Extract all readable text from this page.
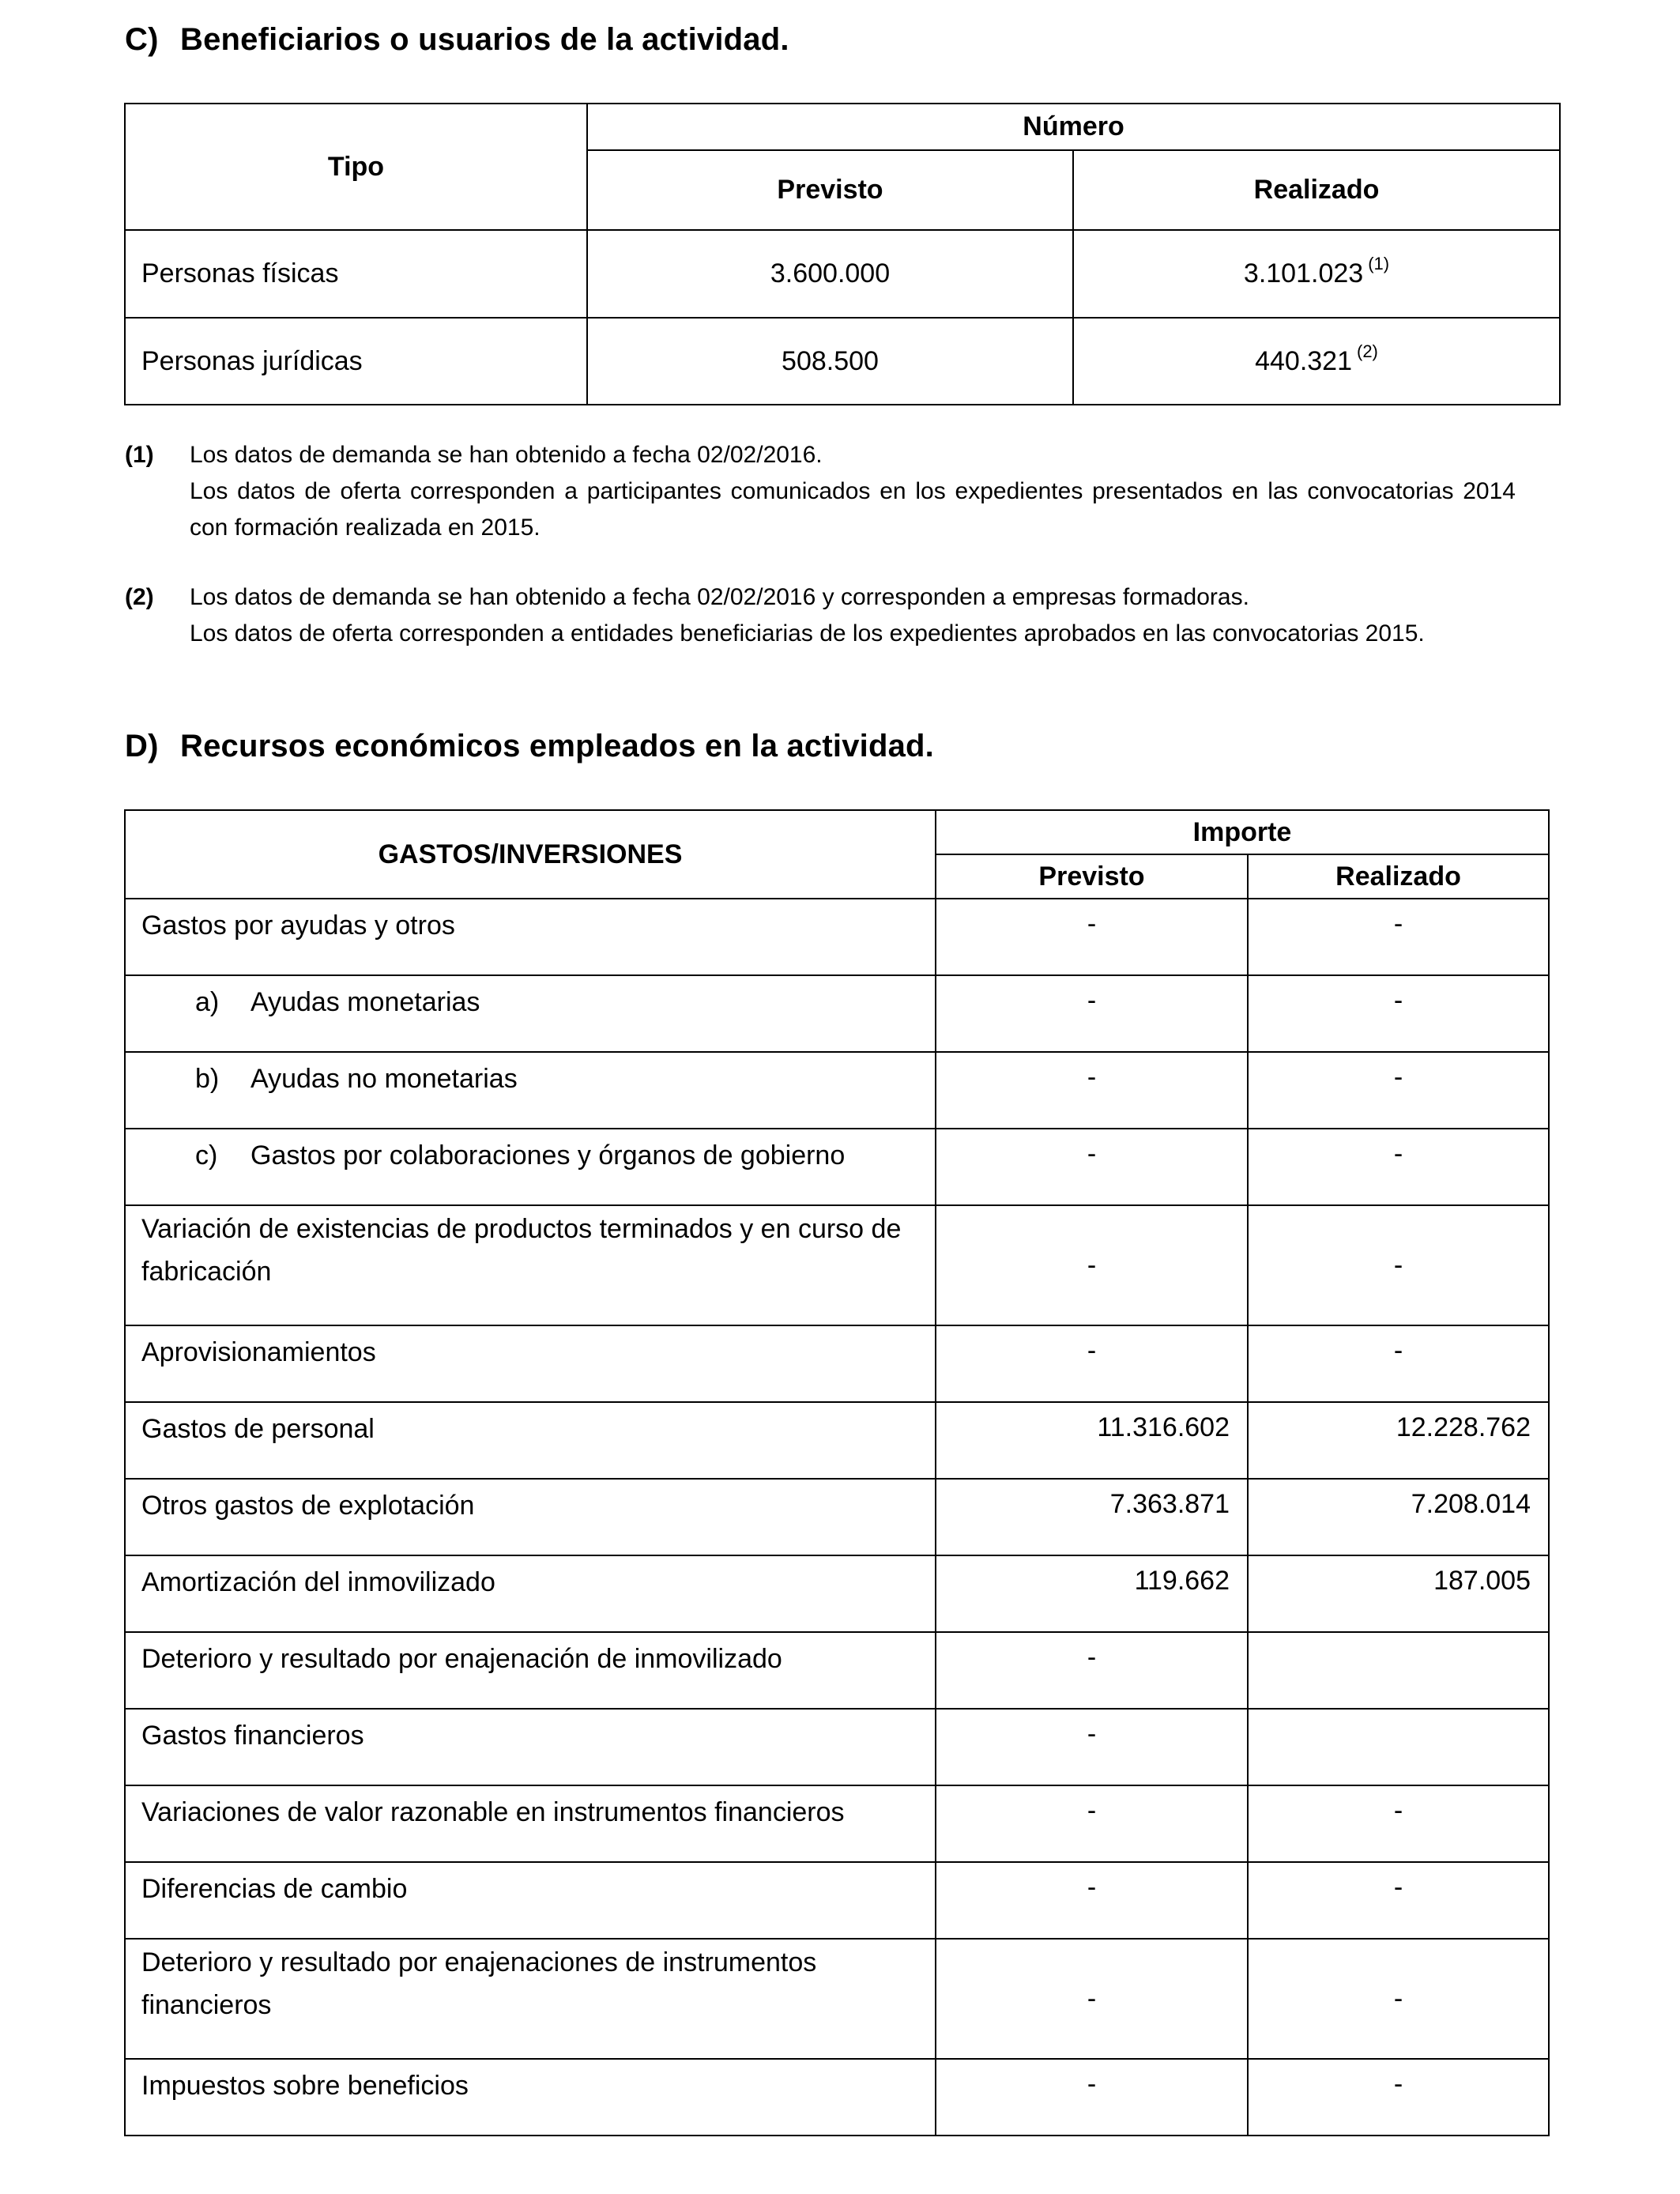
C) Beneficiarios o usuarios de la actividad.
Tipo	Número	
	Previsto	Realizado
Personas físicas	3.600.000	3.101.023 $^{(1)}$
Personas jurídicas	508.500	440.321 $^{(2)}$
(1)	Los datos de demanda se han obtenido a fecha 02/02/2016.

Los datos de oferta corresponden a participantes comunicados en los expedientes presentados en las convocatorias 2014 con formación realizada en 2015.

(2)	Los datos de demanda se han obtenido a fecha 02/02/2016 y corresponden a empresas formadoras.

Los datos de oferta corresponden a entidades beneficiarias de los expedientes aprobados en las convocatorias 2015.

D) Recursos económicos empleados en la actividad.
GASTOS/INVERSIONES	Importe	
	Previsto	Realizado
Gastos por ayudas y otros	-	-
a) Ayudas monetarias	-	-
b) Ayudas no monetarias	-	-
c) Gastos por colaboraciones y órganos de gobierno	-	-
Variación de existencias de productos terminados y en curso de fabricación	-	-
Aprovisionamientos	-	-
Gastos de personal	11.316.602	12.228.762
Otros gastos de explotación	7.363.871	7.208.014
Amortización del inmovilizado	119.662	187.005
Deterioro y resultado por enajenación de inmovilizado	-	
Gastos financieros	-	
Variaciones de valor razonable en instrumentos financieros	-	-
Diferencias de cambio	-	-
Deterioro y resultado por enajenaciones de instrumentos financieros	-	-
Impuestos sobre beneficios	-	-
